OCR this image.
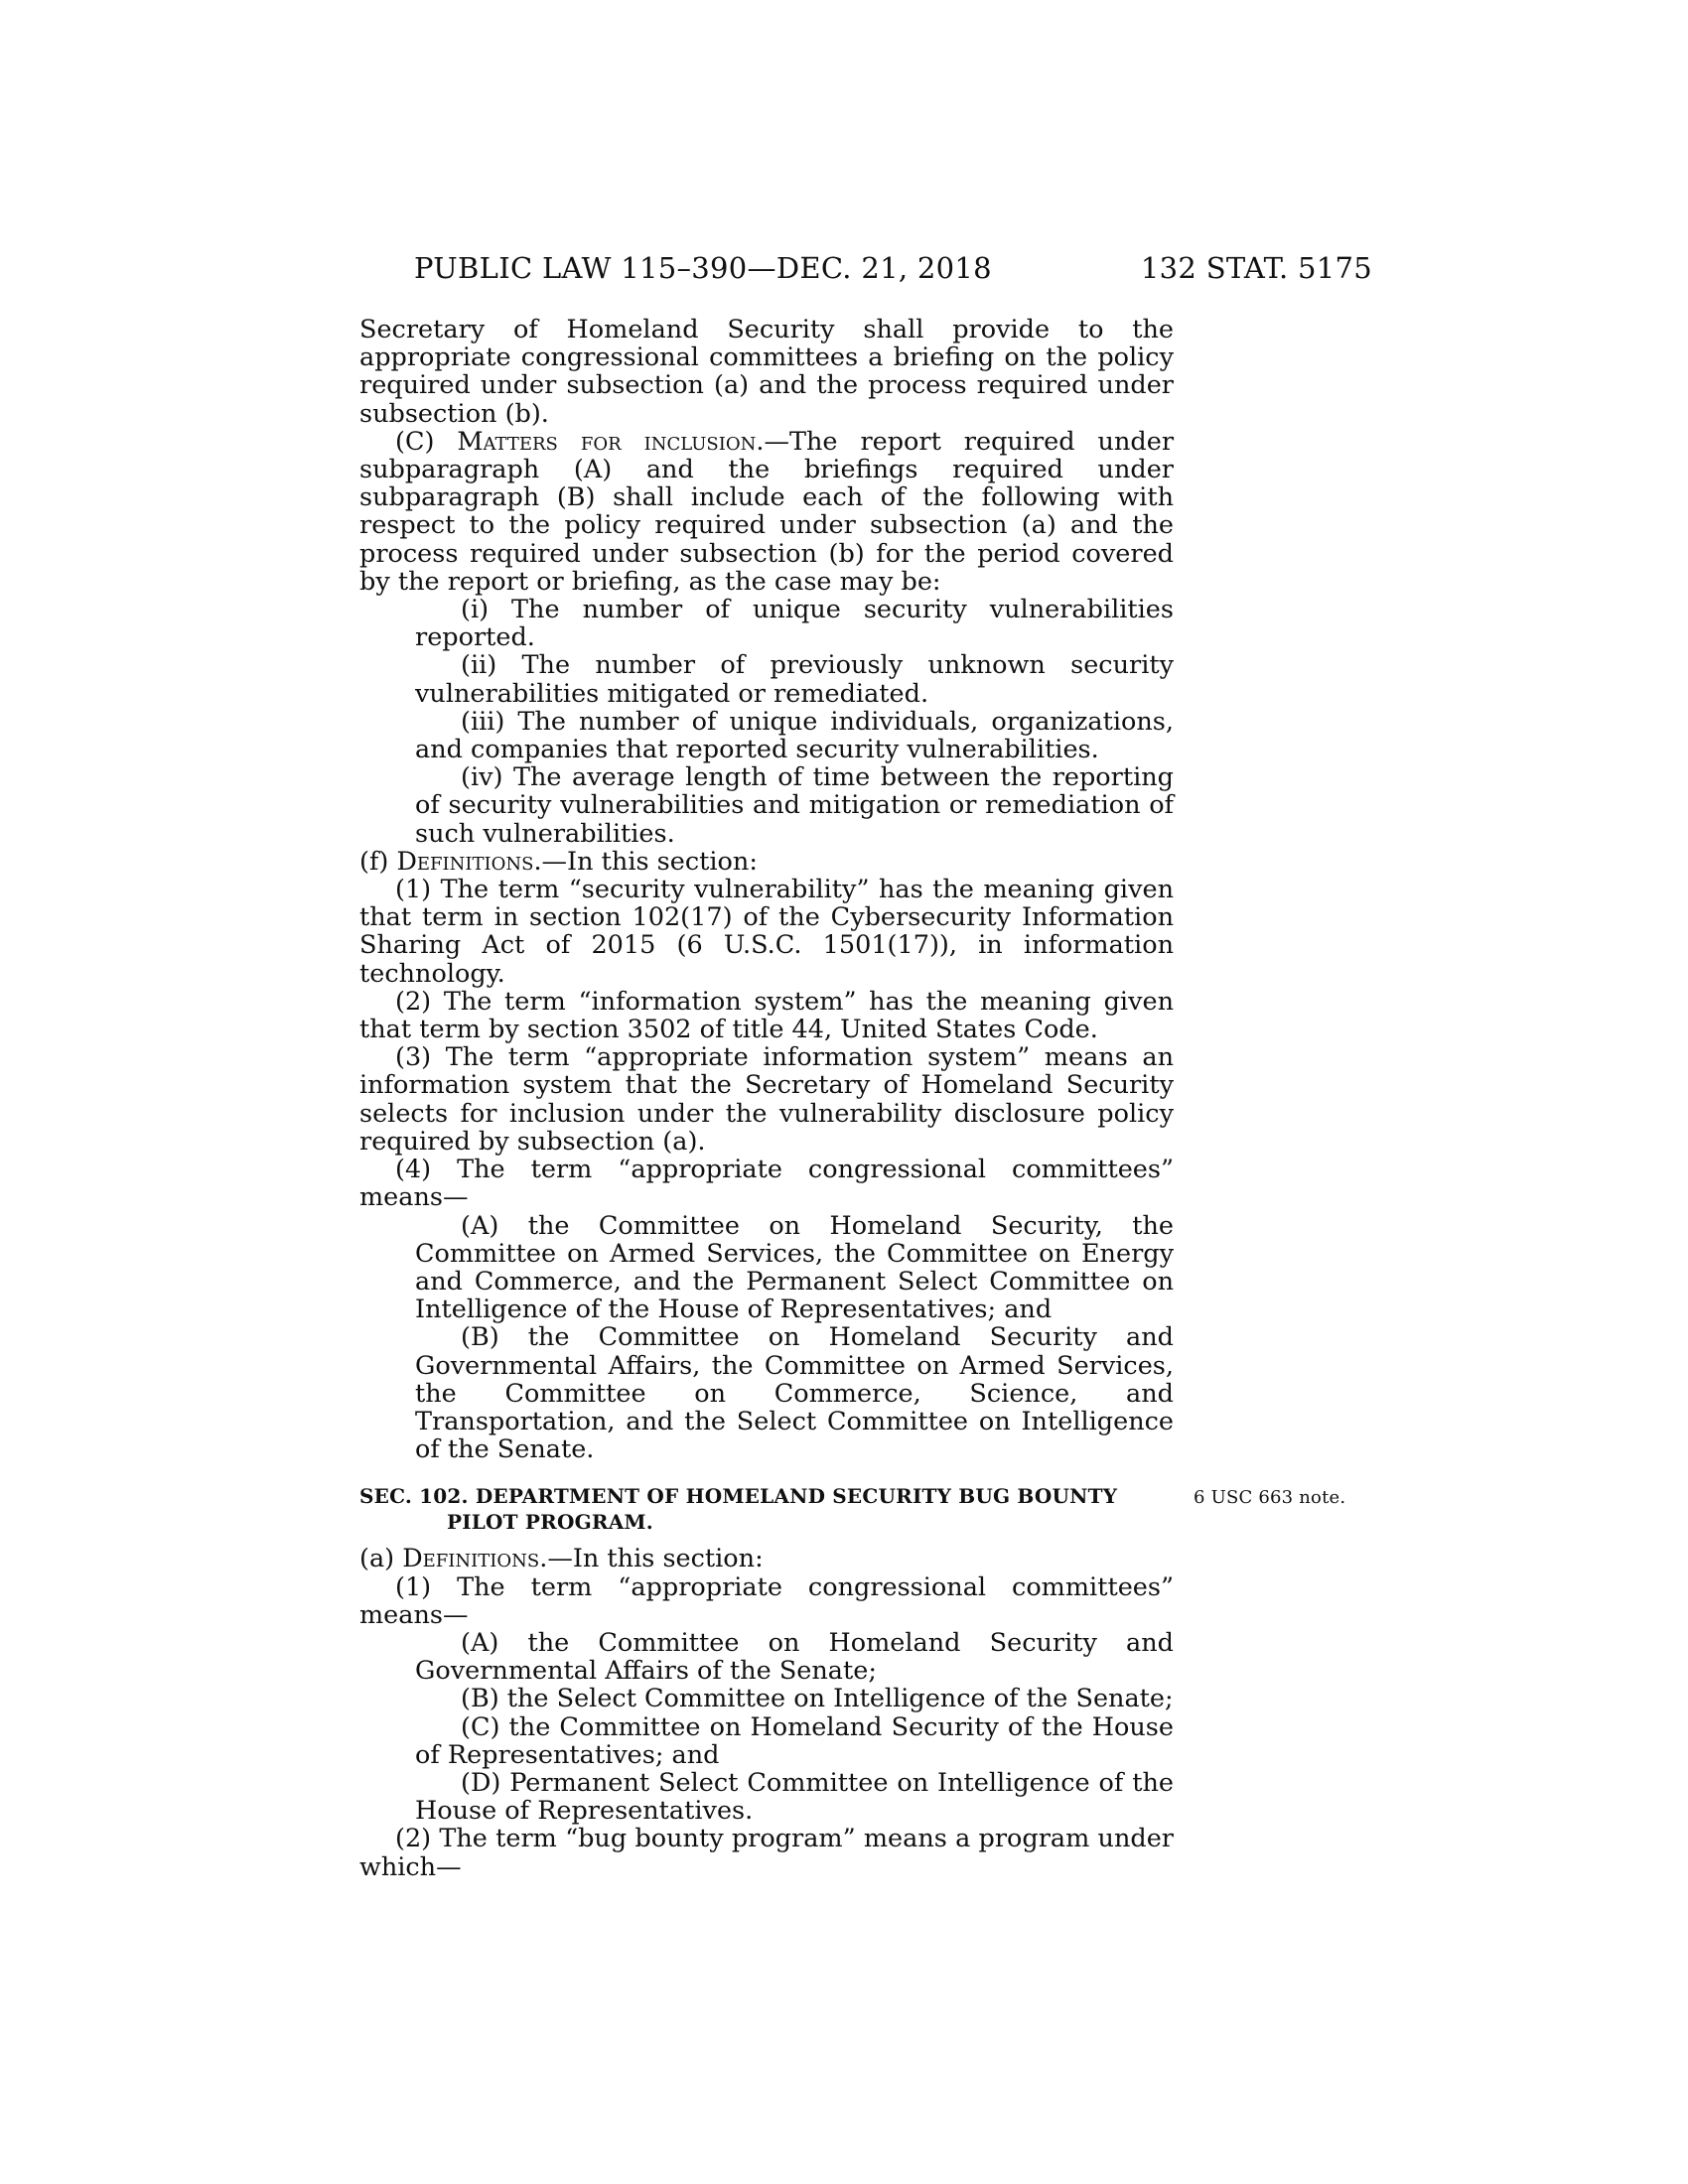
PUBLIC LAW 115–390—DEC. 21, 2018	132 STAT. 5175

Secretary of Homeland Security shall provide to the appropriate congressional committees a briefing on the policy required under subsection (a) and the process required under subsection (b).

(C) Matters for inclusion.—The report required under subparagraph (A) and the briefings required under subparagraph (B) shall include each of the following with respect to the policy required under subsection (a) and the process required under subsection (b) for the period covered by the report or briefing, as the case may be:

(i) The number of unique security vulnerabilities reported.

(ii) The number of previously unknown security vulnerabilities mitigated or remediated.

(iii) The number of unique individuals, organizations, and companies that reported security vulnerabilities.

(iv) The average length of time between the reporting of security vulnerabilities and mitigation or remediation of such vulnerabilities.

(f) Definitions.—In this section:

(1) The term “security vulnerability” has the meaning given that term in section 102(17) of the Cybersecurity Information Sharing Act of 2015 (6 U.S.C. 1501(17)), in information technology.

(2) The term “information system” has the meaning given that term by section 3502 of title 44, United States Code.

(3) The term “appropriate information system” means an information system that the Secretary of Homeland Security selects for inclusion under the vulnerability disclosure policy required by subsection (a).

(4) The term “appropriate congressional committees” means—

(A) the Committee on Homeland Security, the Committee on Armed Services, the Committee on Energy and Commerce, and the Permanent Select Committee on Intelligence of the House of Representatives; and

(B) the Committee on Homeland Security and Governmental Affairs, the Committee on Armed Services, the Committee on Commerce, Science, and Transportation, and the Select Committee on Intelligence of the Senate.

SEC. 102. DEPARTMENT OF HOMELAND SECURITY BUG BOUNTY PILOT PROGRAM.
6 USC 663 note.

(a) Definitions.—In this section:

(1) The term “appropriate congressional committees” means—

(A) the Committee on Homeland Security and Governmental Affairs of the Senate;

(B) the Select Committee on Intelligence of the Senate;

(C) the Committee on Homeland Security of the House of Representatives; and

(D) Permanent Select Committee on Intelligence of the House of Representatives.

(2) The term “bug bounty program” means a program under which—
